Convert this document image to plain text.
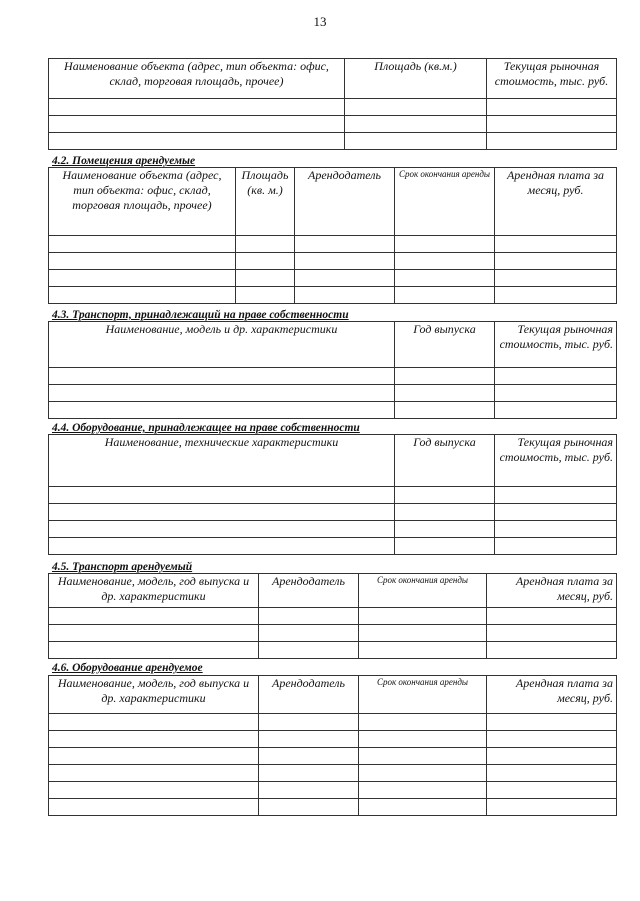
13
Наименование объекта (адрес, тип объекта: офис, склад, торговая площадь, прочее)	Площадь (кв.м.)	Текущая рыночная стоимость, тыс. руб.

4.2. Помещения арендуемые
Наименование объекта (адрес, тип объекта: офис, склад, торговая площадь, прочее)	Площадь (кв. м.)	Арендодатель	Срок окончания аренды	Арендная плата за месяц, руб.

4.3. Транспорт, принадлежащий на праве собственности
Наименование, модель и др. характеристики	Год выпуска	Текущая рыночная стоимость, тыс. руб.

4.4. Оборудование, принадлежащее на праве собственности
Наименование, технические характеристики	Год выпуска	Текущая рыночная стоимость, тыс. руб.

4.5. Транспорт арендуемый
Наименование, модель, год выпуска и др. характеристики	Арендодатель	Срок окончания аренды	Арендная плата за месяц, руб.

4.6. Оборудование арендуемое
Наименование, модель, год выпуска и др. характеристики	Арендодатель	Срок окончания аренды	Арендная плата за месяц, руб.
